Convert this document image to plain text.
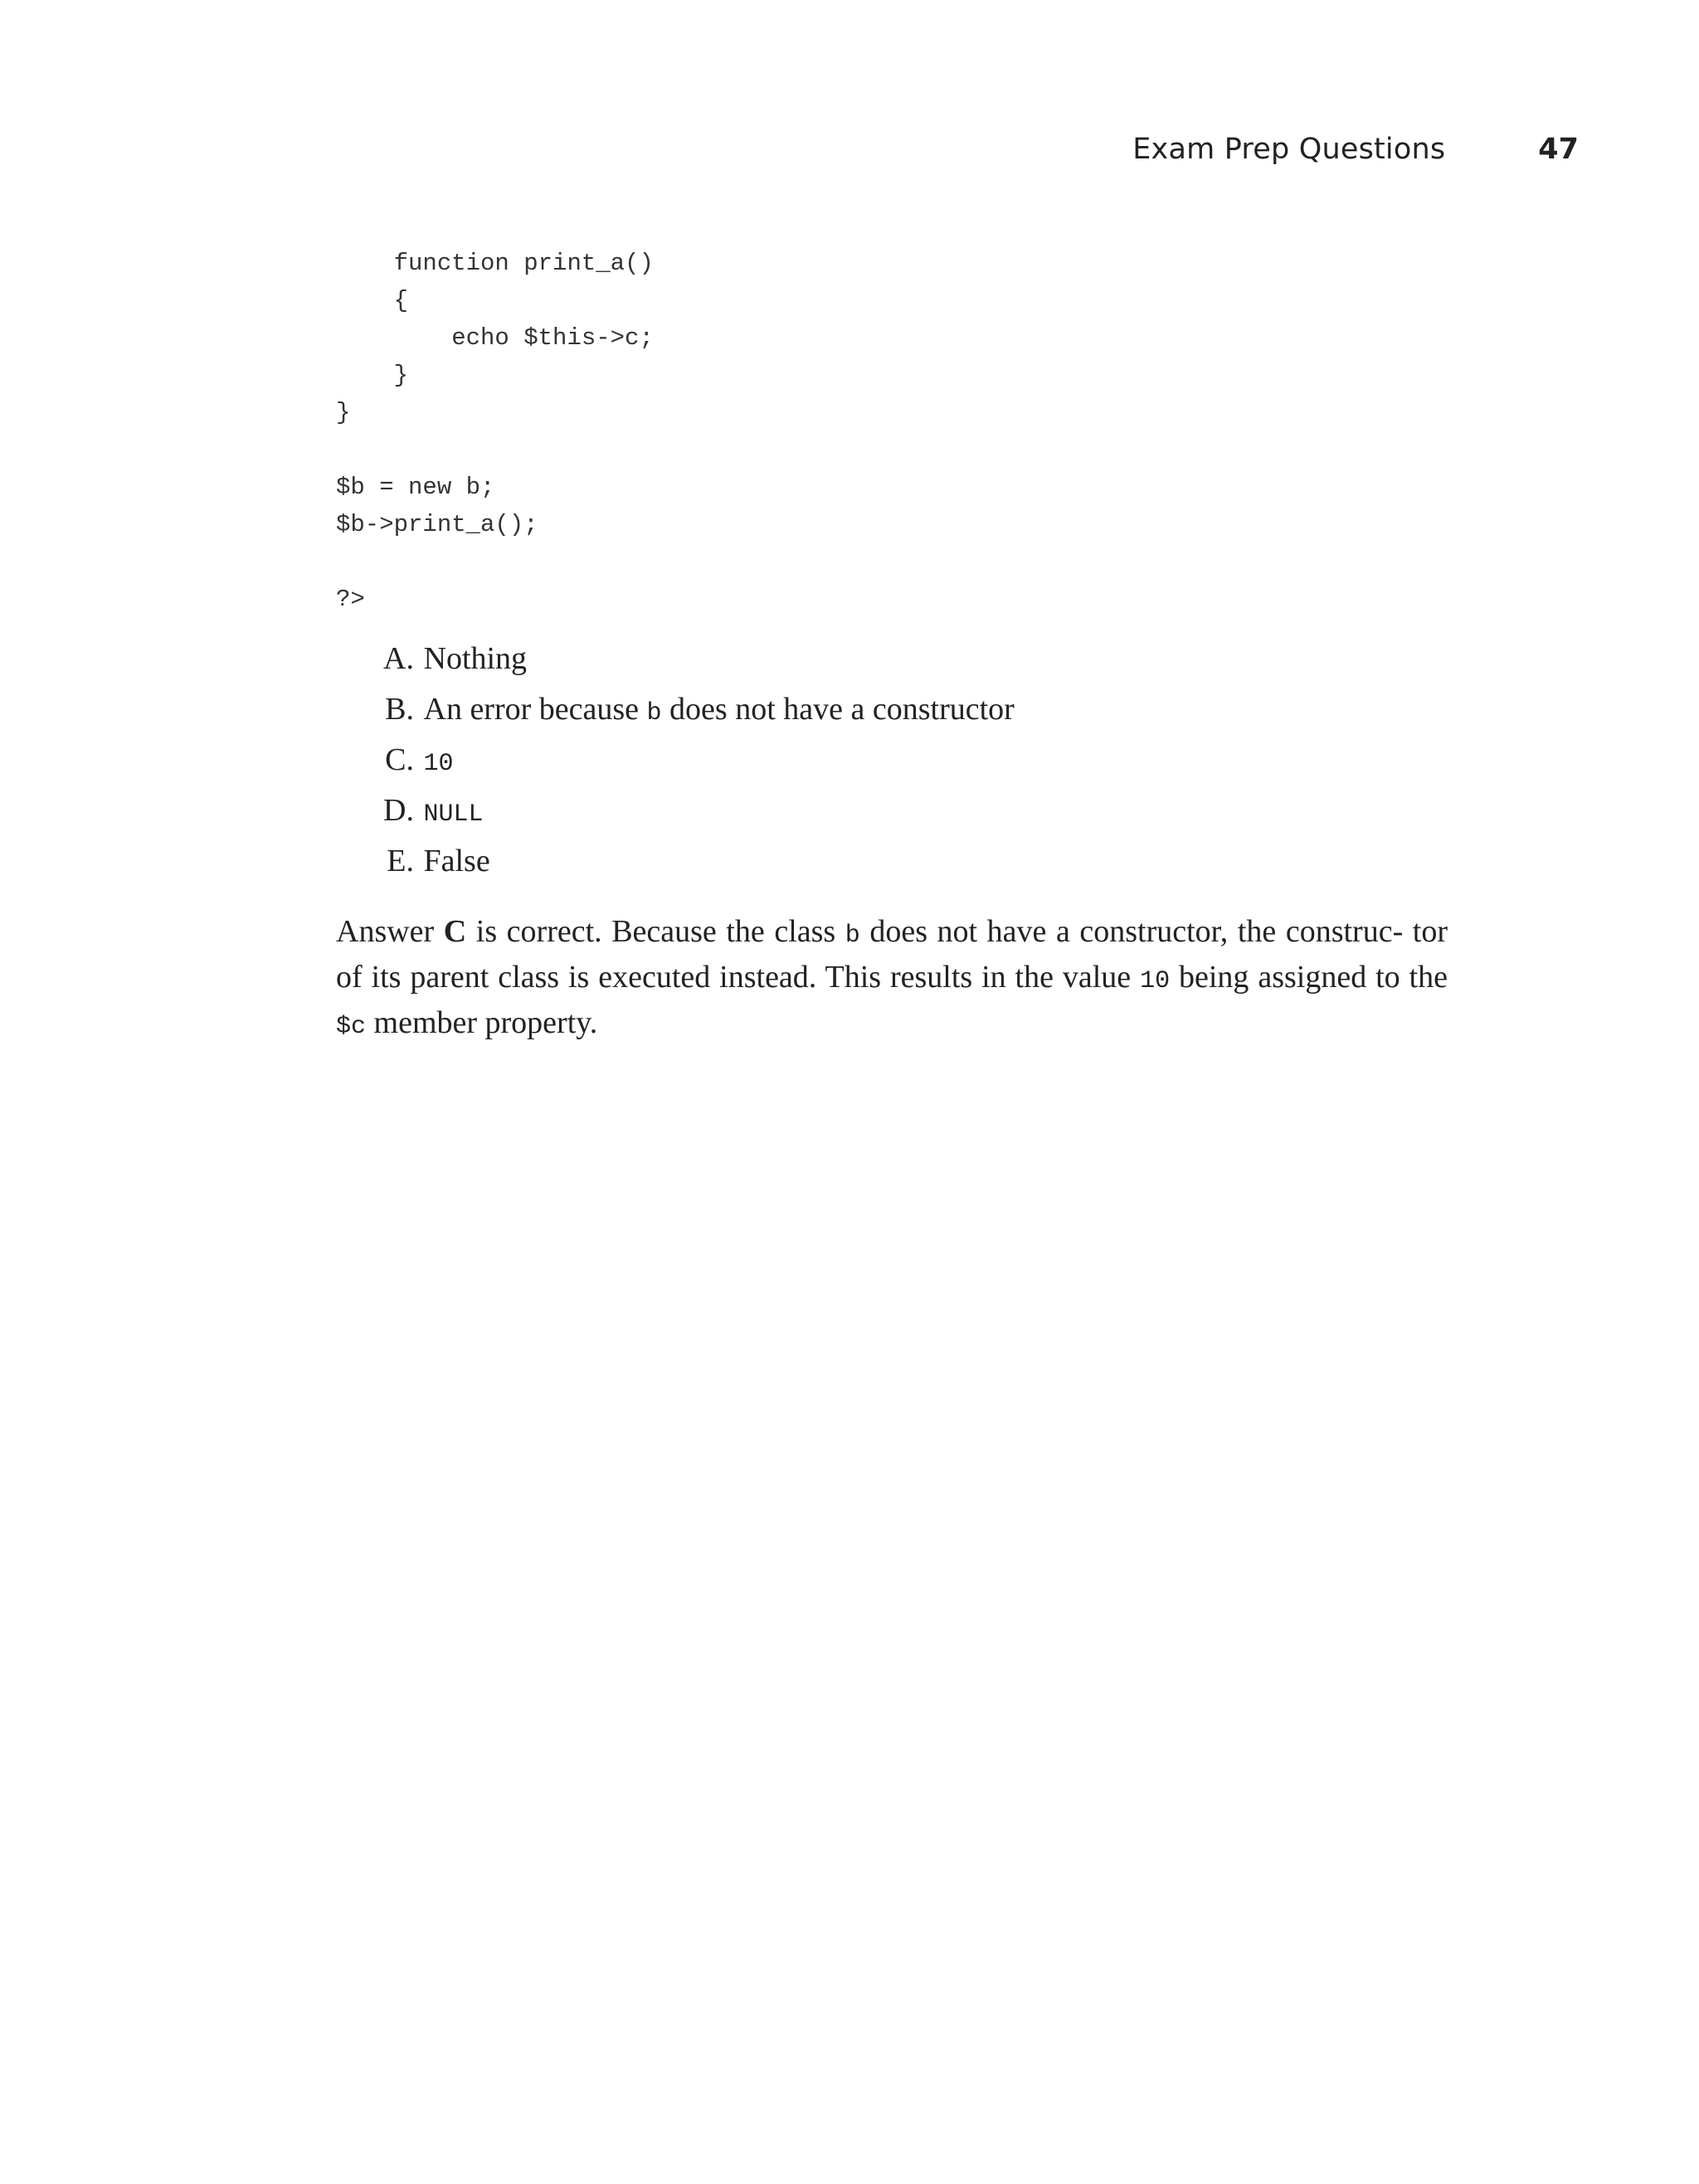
Exam Prep Questions	47
function print_a()
{
echo $this->c;
}
}

$b = new b;
$b->print_a();

?>
A. Nothing
B. An error because b does not have a constructor
C. 10
D. NULL
E. False

Answer C is correct. Because the class b does not have a constructor, the construc- tor of its parent class is executed instead. This results in the value 10 being assigned to the $c member property.
